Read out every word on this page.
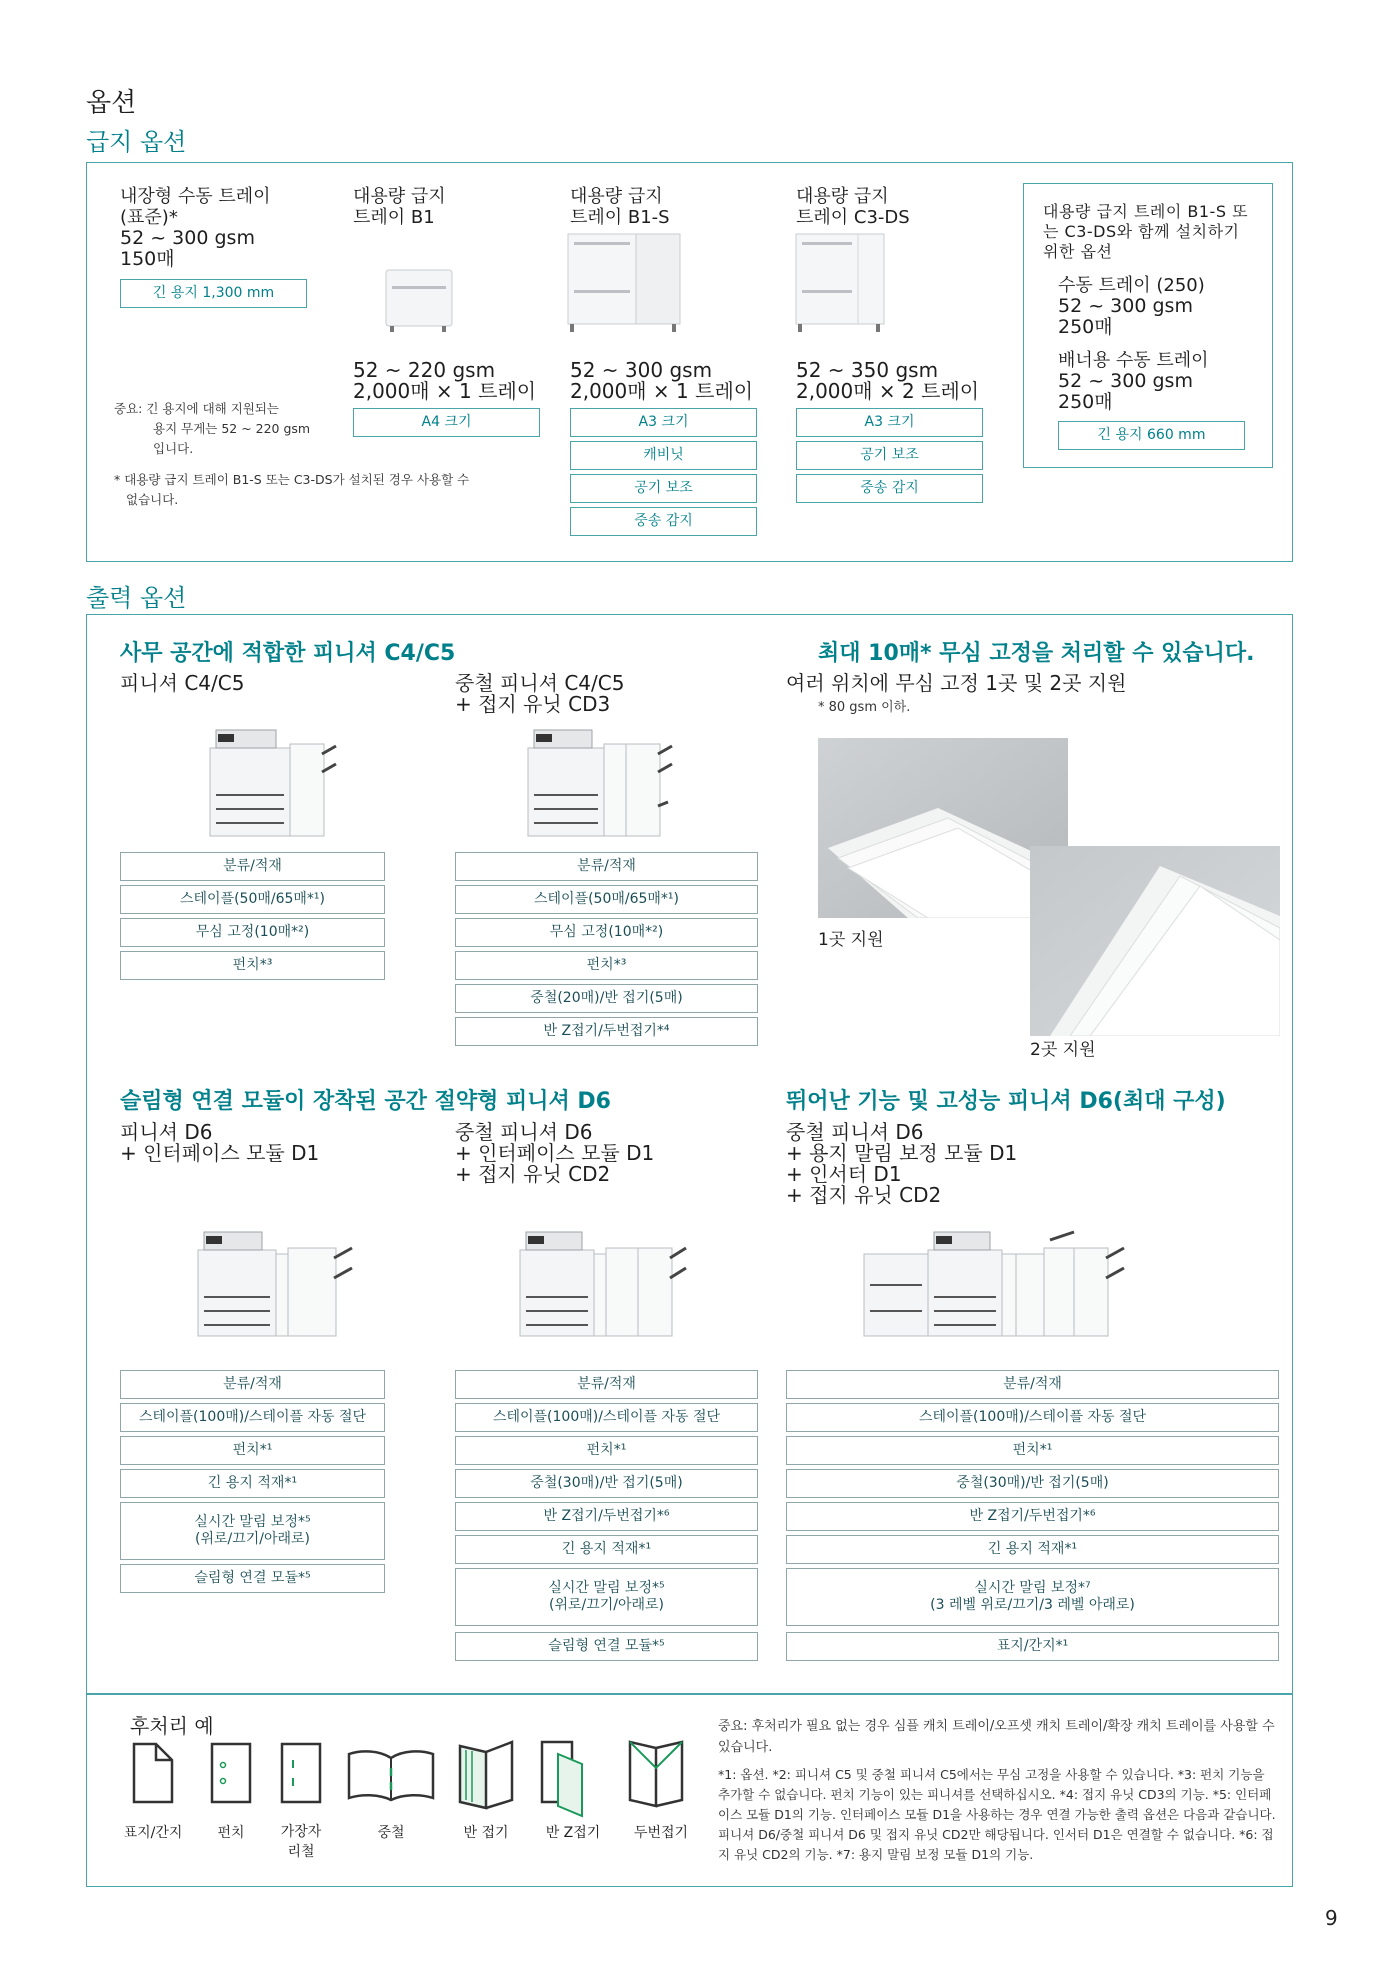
옵션
급지 옵션
내장형 수동 트레이
(표준)*
52 ~ 300 gsm
150매
긴 용지 1,300 mm
중요: 긴 용지에 대해 지원되는
용지 무게는 52 ~ 220 gsm
입니다.
* 대용량 급지 트레이 B1-S 또는 C3-DS가 설치된 경우 사용할 수
없습니다.
대용량 급지
트레이 B1
52 ~ 220 gsm
2,000매 × 1 트레이
A4 크기
대용량 급지
트레이 B1-S
52 ~ 300 gsm
2,000매 × 1 트레이
A3 크기
캐비닛
공기 보조
중송 감지
대용량 급지
트레이 C3-DS
52 ~ 350 gsm
2,000매 × 2 트레이
A3 크기
공기 보조
중송 감지
대용량 급지 트레이 B1-S 또
는 C3-DS와 함께 설치하기
위한 옵션
수동 트레이 (250)
52 ~ 300 gsm
250매
배너용 수동 트레이
52 ~ 300 gsm
250매
긴 용지 660 mm
출력 옵션
사무 공간에 적합한 피니셔 C4/C5
피니셔 C4/C5	중철 피니셔 C4/C5
+ 접지 유닛 CD3
분류/적재
스테이플(50매/65매*¹)
무심 고정(10매*²)
펀치*³
분류/적재
스테이플(50매/65매*¹)
무심 고정(10매*²)
펀치*³
중철(20매)/반 접기(5매)
반 Z접기/두번접기*⁴
최대 10매* 무심 고정을 처리할 수 있습니다.
여러 위치에 무심 고정 1곳 및 2곳 지원
* 80 gsm 이하.
1곳 지원
2곳 지원
슬림형 연결 모듈이 장착된 공간 절약형 피니셔 D6
피니셔 D6
+ 인터페이스 모듈 D1
중철 피니셔 D6
+ 인터페이스 모듈 D1
+ 접지 유닛 CD2
분류/적재
스테이플(100매)/스테이플 자동 절단
펀치*¹
긴 용지 적재*¹
실시간 말림 보정*⁵
(위로/끄기/아래로)
슬림형 연결 모듈*⁵
분류/적재
스테이플(100매)/스테이플 자동 절단
펀치*¹
중철(30매)/반 접기(5매)
반 Z접기/두번접기*⁶
긴 용지 적재*¹
실시간 말림 보정*⁵
(위로/끄기/아래로)
슬림형 연결 모듈*⁵
뛰어난 기능 및 고성능 피니셔 D6(최대 구성)
중철 피니셔 D6
+ 용지 말림 보정 모듈 D1
+ 인서터 D1
+ 접지 유닛 CD2
분류/적재
스테이플(100매)/스테이플 자동 절단
펀치*¹
중철(30매)/반 접기(5매)
반 Z접기/두번접기*⁶
긴 용지 적재*¹
실시간 말림 보정*⁷
(3 레벨 위로/끄기/3 레벨 아래로)
표지/간지*¹
후처리 예
표지/간지	펀치	가장자
리철
중철	반 접기	반 Z접기	두번접기
중요: 후처리가 필요 없는 경우 심플 캐치 트레이/오프셋 캐치 트레이/확장 캐치 트레이를 사용할 수 있습니다.
*1: 옵션. *2: 피니셔 C5 및 중철 피니셔 C5에서는 무심 고정을 사용할 수 있습니다. *3: 펀치 기능을 추가할 수 없습니다. 펀치 기능이 있는 피니셔를 선택하십시오. *4: 접지 유닛 CD3의 기능. *5: 인터페이스 모듈 D1의 기능. 인터페이스 모듈 D1을 사용하는 경우 연결 가능한 출력 옵션은 다음과 같습니다. 피니셔 D6/중철 피니셔 D6 및 접지 유닛 CD2만 해당됩니다. 인서터 D1은 연결할 수 없습니다. *6: 접지 유닛 CD2의 기능. *7: 용지 말림 보정 모듈 D1의 기능.
9
